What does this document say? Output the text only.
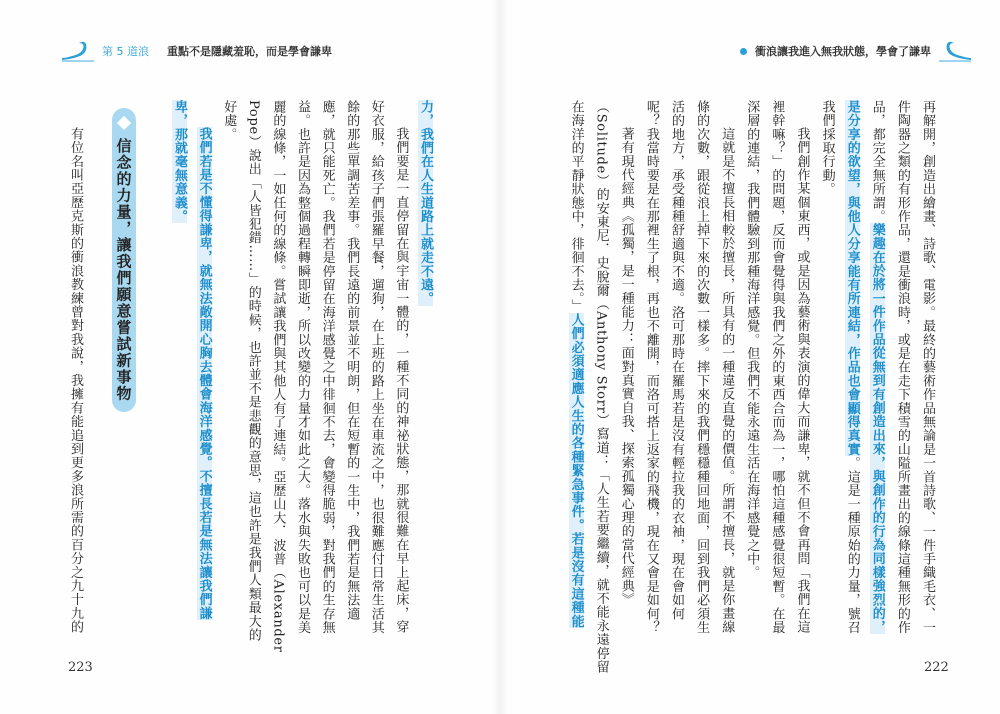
第 5 道浪 重點不是隱藏羞恥，而是學會謙卑
信念的力量，讓我們願意嘗試新事物
223
力，我們在人生道路上就走不遠。
我們要是一直停留在與宇宙一體的，一種不同的神祕狀態，那就很難在早上起床，穿
好衣服，給孩子們張羅早餐，遛狗，在上班的路上坐在車流之中，也很難應付日常生活其
餘的那些單調苦差事。我們長遠的前景並不明朗，但在短暫的一生中，我們若是無法適
應，就只能死亡。我們若是停留在海洋感覺之中徘徊不去，會變得脆弱，對我們的生存無
益。也許是因為整個過程轉瞬即逝，所以改變的力量才如此之大。落水與失敗也可以是美
麗的線條，一如任何的線條。嘗試讓我們與其他人有了連結。亞歷山大．波普（Alexander
Pope）說出「人皆犯錯……」的時候，也許並不是悲觀的意思，這也許是我們人類最大的
好處。
我們若是不懂得謙卑，就無法敞開心胸去體會海洋感覺。不擅長若是無法讓我們謙
卑，那就毫無意義。
有位名叫亞歷克斯的衝浪教練曾對我說，我擁有能追到更多浪所需的百分之九十九的
衝浪讓我進入無我狀態，學會了謙卑
222
再解開，創造出繪畫、詩歌、電影。最終的藝術作品無論是一首詩歌、一件手織毛衣、一
件陶器之類的有形作品，還是衝浪時，或是在走下積雪的山隘所畫出的線條這種無形的作
品，都完全無所謂。樂趣在於將一件作品從無到有創造出來，與創作的行為同樣強烈的，
是分享的欲望，與他人分享能有所連結，作品也會顯得真實。這是一種原始的力量，號召
我們採取行動。
我們創作某個東西，或是因為藝術與表演的偉大而謙卑，就不但不會再問「我們在這
裡幹嘛？」的問題，反而會覺得與我們之外的東西合而為一，哪怕這種感覺很短暫。在最
深層的連結，我們體驗到那種海洋感覺。但我們不能永遠生活在海洋感覺之中。
這就是不擅長相較於擅長，所具有的一種違反直覺的價值。所謂不擅長，就是你畫線
條的次數，跟從浪上掉下來的次數一樣多。摔下來的我們穩穩種回地面，回到我們必須生
活的地方，承受種種舒適與不適。洛可那時在羅馬若是沒有輕拉我的衣袖，現在會如何
呢？我當時要是在那裡生了根，再也不離開，而洛可搭上返家的飛機，現在又會是如何？
著有現代經典《孤獨，是一種能力：面對真實自我、探索孤獨心理的當代經典》
（Solitude）的安東尼．史脫爾（Anthony Storr）寫道：「人生若要繼續，就不能永遠停留
在海洋的平靜狀態中，徘徊不去。」人們必須適應人生的各種緊急事件。若是沒有這種能
